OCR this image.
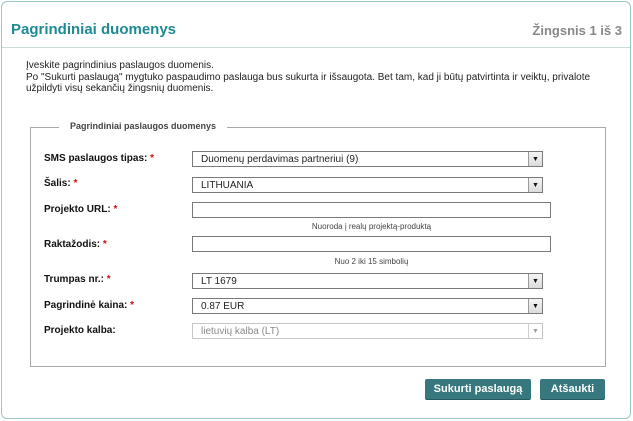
Pagrindiniai duomenys	Žingsnis 1 iš 3

Įveskite pagrindinius paslaugos duomenis.

Po "Sukurti paslaugą" mygtuko paspaudimo paslauga bus sukurta ir išsaugota. Bet tam, kad ji būtų patvirtinta ir veiktų, privalote užpildyti visų sekančių žingsnių duomenis.

Pagrindiniai paslaugos duomenys
SMS paslaugos tipas: *	Duomenų perdavimas partneriui (9)	▼
Šalis: *	LITHUANIA	▼
Projekto URL: *
Nuoroda į realų projektą-produktą
Raktažodis: *
Nuo 2 iki 15 simbolių
Trumpas nr.: *	LT 1679	▼
Pagrindinė kaina: *	0.87 EUR	▼
Projekto kalba:	lietuvių kalba (LT)	▼
Sukurti paslaugą	Atšaukti
